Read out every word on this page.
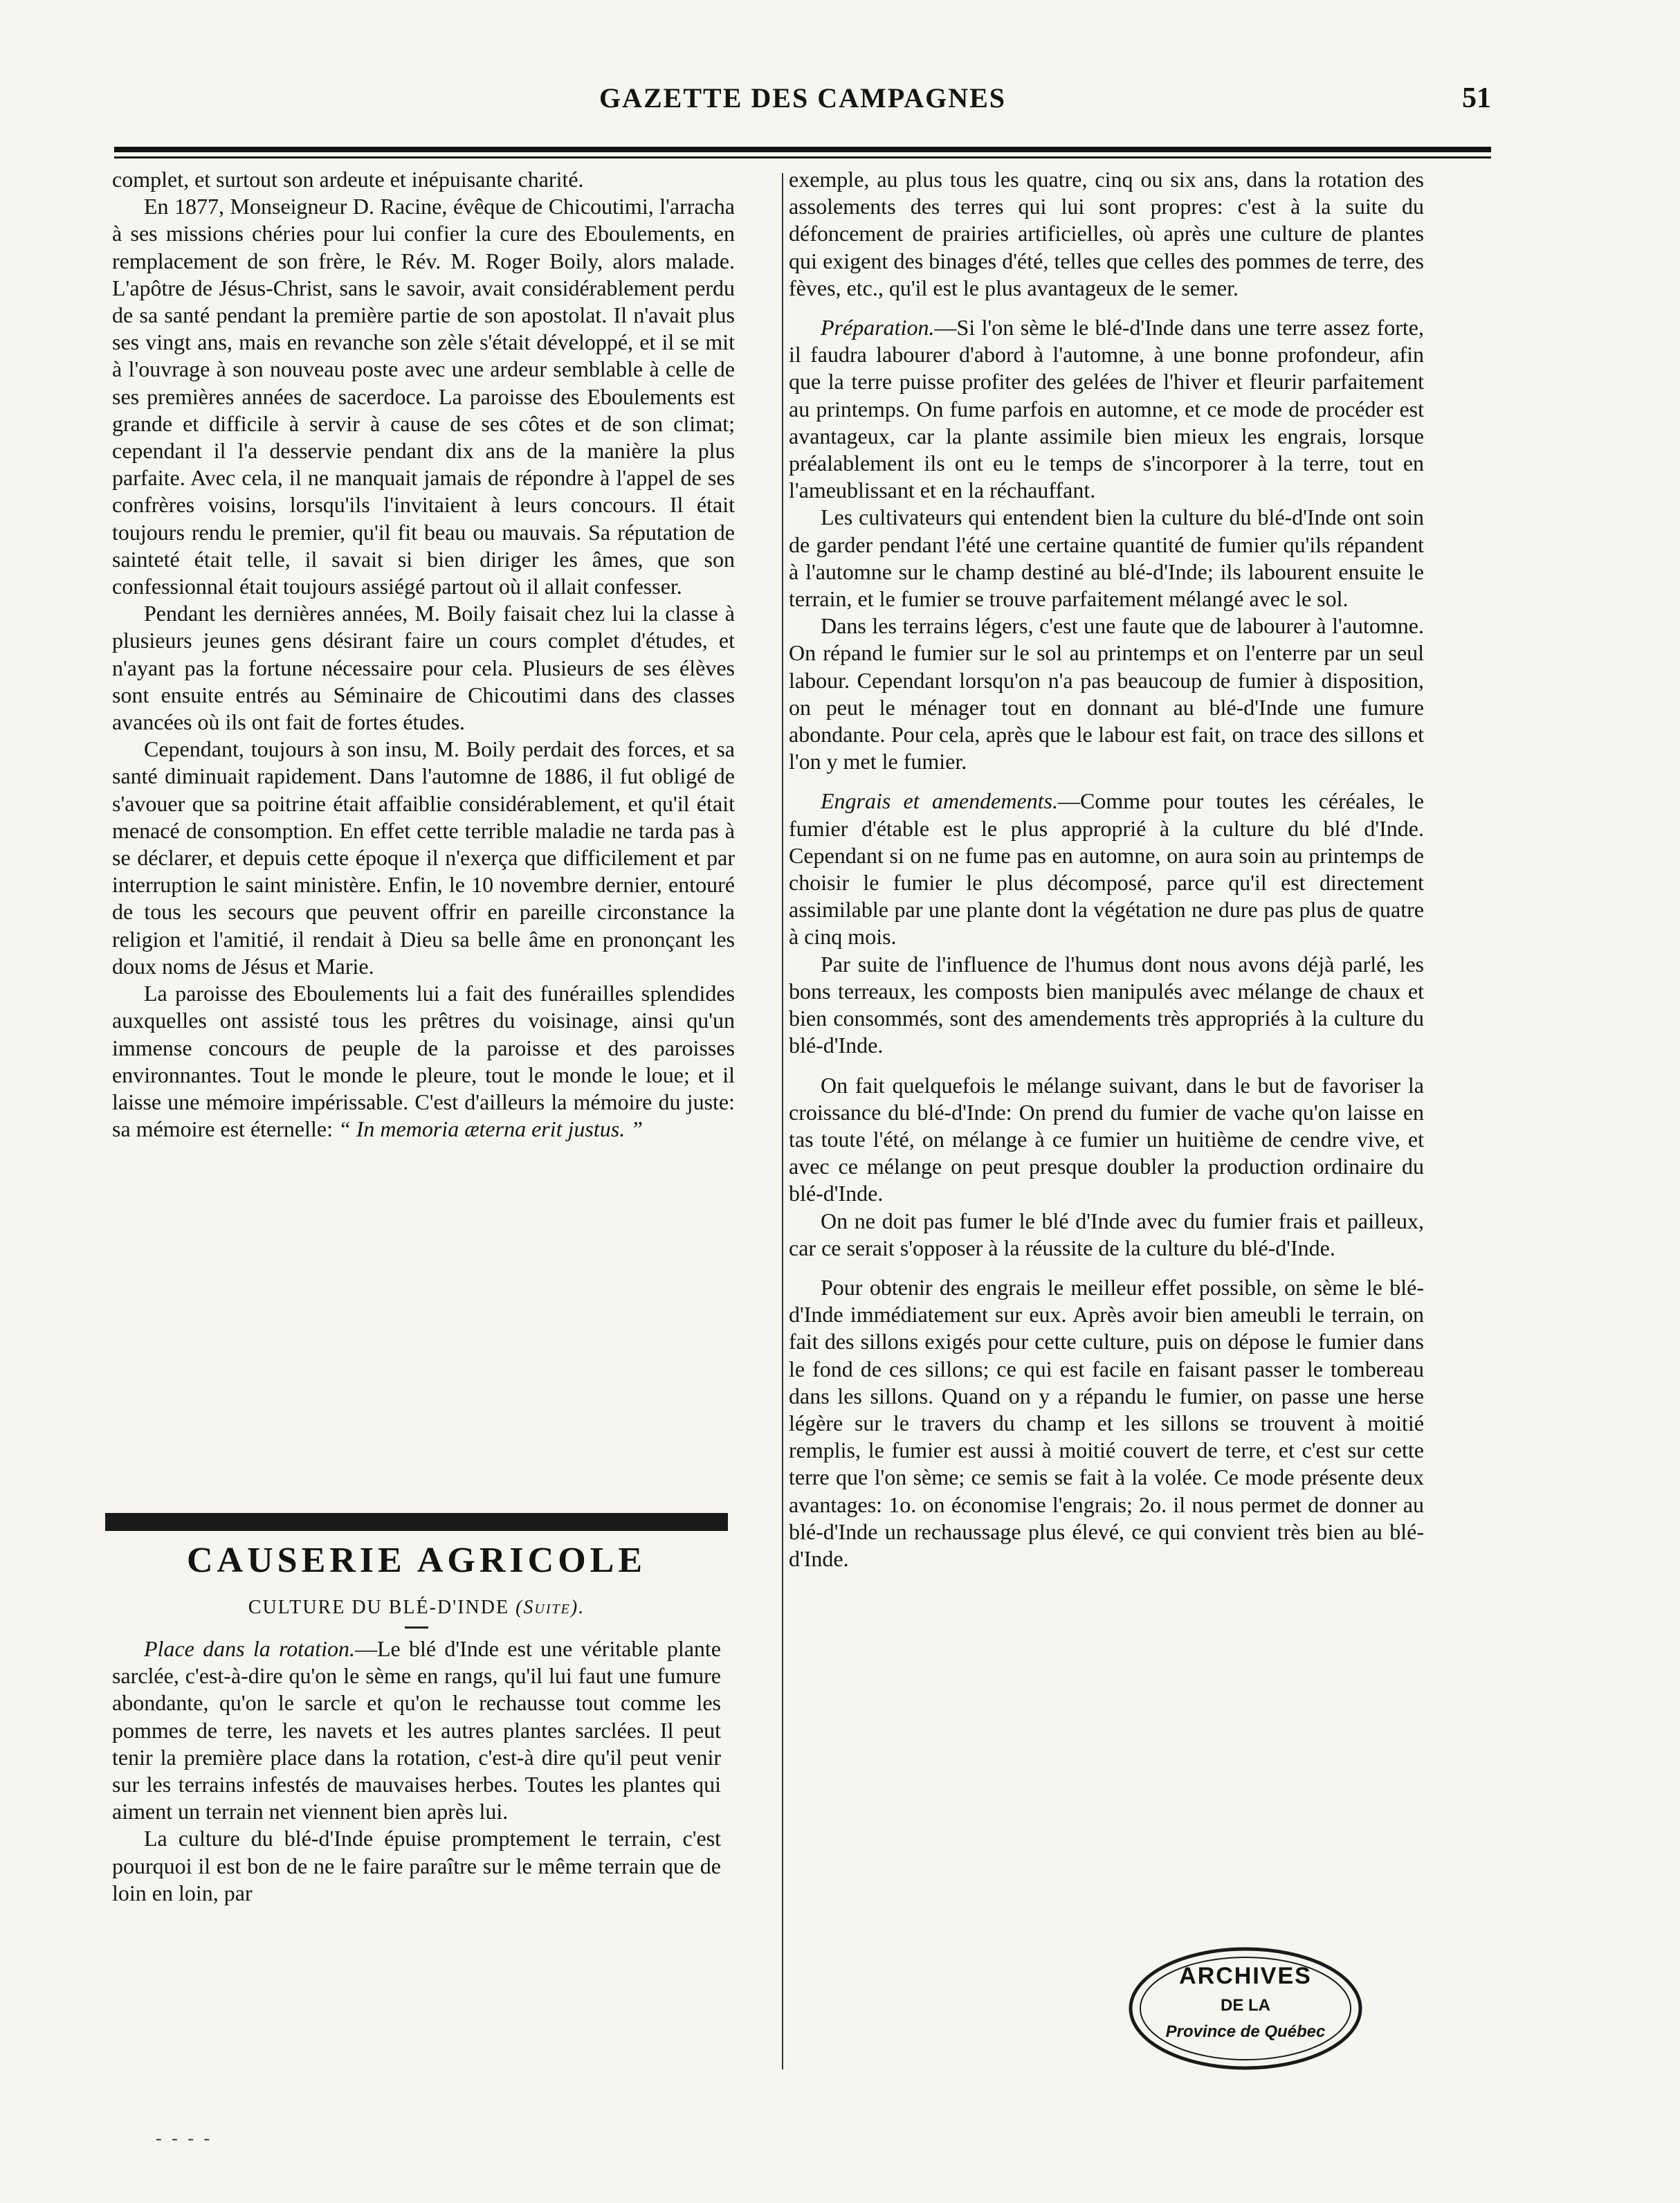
GAZETTE DES CAMPAGNES	51

complet, et surtout son ardeute et inépuisante charité.

En 1877, Monseigneur D. Racine, évêque de Chicoutimi, l'arracha à ses missions chéries pour lui confier la cure des Eboulements, en remplacement de son frère, le Rév. M. Roger Boily, alors malade. L'apôtre de Jésus-Christ, sans le savoir, avait considérablement perdu de sa santé pendant la première partie de son apostolat. Il n'avait plus ses vingt ans, mais en revanche son zèle s'était développé, et il se mit à l'ouvrage à son nouveau poste avec une ardeur semblable à celle de ses premières années de sacerdoce. La paroisse des Eboulements est grande et difficile à servir à cause de ses côtes et de son climat; cependant il l'a desservie pendant dix ans de la manière la plus parfaite. Avec cela, il ne manquait jamais de répondre à l'appel de ses confrères voisins, lorsqu'ils l'invitaient à leurs concours. Il était toujours rendu le premier, qu'il fit beau ou mauvais. Sa réputation de sainteté était telle, il savait si bien diriger les âmes, que son confessionnal était toujours assiégé partout où il allait confesser.

Pendant les dernières années, M. Boily faisait chez lui la classe à plusieurs jeunes gens désirant faire un cours complet d'études, et n'ayant pas la fortune nécessaire pour cela. Plusieurs de ses élèves sont ensuite entrés au Séminaire de Chicoutimi dans des classes avancées où ils ont fait de fortes études.

Cependant, toujours à son insu, M. Boily perdait des forces, et sa santé diminuait rapidement. Dans l'automne de 1886, il fut obligé de s'avouer que sa poitrine était affaiblie considérablement, et qu'il était menacé de consomption. En effet cette terrible maladie ne tarda pas à se déclarer, et depuis cette époque il n'exerça que difficilement et par interruption le saint ministère. Enfin, le 10 novembre dernier, entouré de tous les secours que peuvent offrir en pareille circonstance la religion et l'amitié, il rendait à Dieu sa belle âme en prononçant les doux noms de Jésus et Marie.

La paroisse des Eboulements lui a fait des funérailles splendides auxquelles ont assisté tous les prêtres du voisinage, ainsi qu'un immense concours de peuple de la paroisse et des paroisses environnantes. Tout le monde le pleure, tout le monde le loue; et il laisse une mémoire impérissable. C'est d'ailleurs la mémoire du juste: sa mémoire est éternelle: “ In memoria æterna erit justus. ”

CAUSERIE AGRICOLE
CULTURE DU BLÉ-D'INDE (Suite).

Place dans la rotation.—Le blé d'Inde est une véritable plante sarclée, c'est-à-dire qu'on le sème en rangs, qu'il lui faut une fumure abondante, qu'on le sarcle et qu'on le rechausse tout comme les pommes de terre, les navets et les autres plantes sarclées. Il peut tenir la première place dans la rotation, c'est-à dire qu'il peut venir sur les terrains infestés de mauvaises herbes. Toutes les plantes qui aiment un terrain net viennent bien après lui.

La culture du blé-d'Inde épuise promptement le terrain, c'est pourquoi il est bon de ne le faire paraître sur le même terrain que de loin en loin, par

exemple, au plus tous les quatre, cinq ou six ans, dans la rotation des assolements des terres qui lui sont propres: c'est à la suite du défoncement de prairies artificielles, où après une culture de plantes qui exigent des binages d'été, telles que celles des pommes de terre, des fèves, etc., qu'il est le plus avantageux de le semer.

Préparation.—Si l'on sème le blé-d'Inde dans une terre assez forte, il faudra labourer d'abord à l'automne, à une bonne profondeur, afin que la terre puisse profiter des gelées de l'hiver et fleurir parfaitement au printemps. On fume parfois en automne, et ce mode de procéder est avantageux, car la plante assimile bien mieux les engrais, lorsque préalablement ils ont eu le temps de s'incorporer à la terre, tout en l'ameublissant et en la réchauffant.

Les cultivateurs qui entendent bien la culture du blé-d'Inde ont soin de garder pendant l'été une certaine quantité de fumier qu'ils répandent à l'automne sur le champ destiné au blé-d'Inde; ils labourent ensuite le terrain, et le fumier se trouve parfaitement mélangé avec le sol.

Dans les terrains légers, c'est une faute que de labourer à l'automne. On répand le fumier sur le sol au printemps et on l'enterre par un seul labour. Cependant lorsqu'on n'a pas beaucoup de fumier à disposition, on peut le ménager tout en donnant au blé-d'Inde une fumure abondante. Pour cela, après que le labour est fait, on trace des sillons et l'on y met le fumier.

Engrais et amendements.—Comme pour toutes les céréales, le fumier d'étable est le plus approprié à la culture du blé d'Inde. Cependant si on ne fume pas en automne, on aura soin au printemps de choisir le fumier le plus décomposé, parce qu'il est directement assimilable par une plante dont la végétation ne dure pas plus de quatre à cinq mois.

Par suite de l'influence de l'humus dont nous avons déjà parlé, les bons terreaux, les composts bien manipulés avec mélange de chaux et bien consommés, sont des amendements très appropriés à la culture du blé-d'Inde.

On fait quelquefois le mélange suivant, dans le but de favoriser la croissance du blé-d'Inde: On prend du fumier de vache qu'on laisse en tas toute l'été, on mélange à ce fumier un huitième de cendre vive, et avec ce mélange on peut presque doubler la production ordinaire du blé-d'Inde.

On ne doit pas fumer le blé d'Inde avec du fumier frais et pailleux, car ce serait s'opposer à la réussite de la culture du blé-d'Inde.

Pour obtenir des engrais le meilleur effet possible, on sème le blé-d'Inde immédiatement sur eux. Après avoir bien ameubli le terrain, on fait des sillons exigés pour cette culture, puis on dépose le fumier dans le fond de ces sillons; ce qui est facile en faisant passer le tombereau dans les sillons. Quand on y a répandu le fumier, on passe une herse légère sur le travers du champ et les sillons se trouvent à moitié remplis, le fumier est aussi à moitié couvert de terre, et c'est sur cette terre que l'on sème; ce semis se fait à la volée. Ce mode présente deux avantages: 1o. on économise l'engrais; 2o. il nous permet de donner au blé-d'Inde un rechaussage plus élevé, ce qui convient très bien au blé-d'Inde.

ARCHIVES
DE LA
Province de Québec
- - - -
